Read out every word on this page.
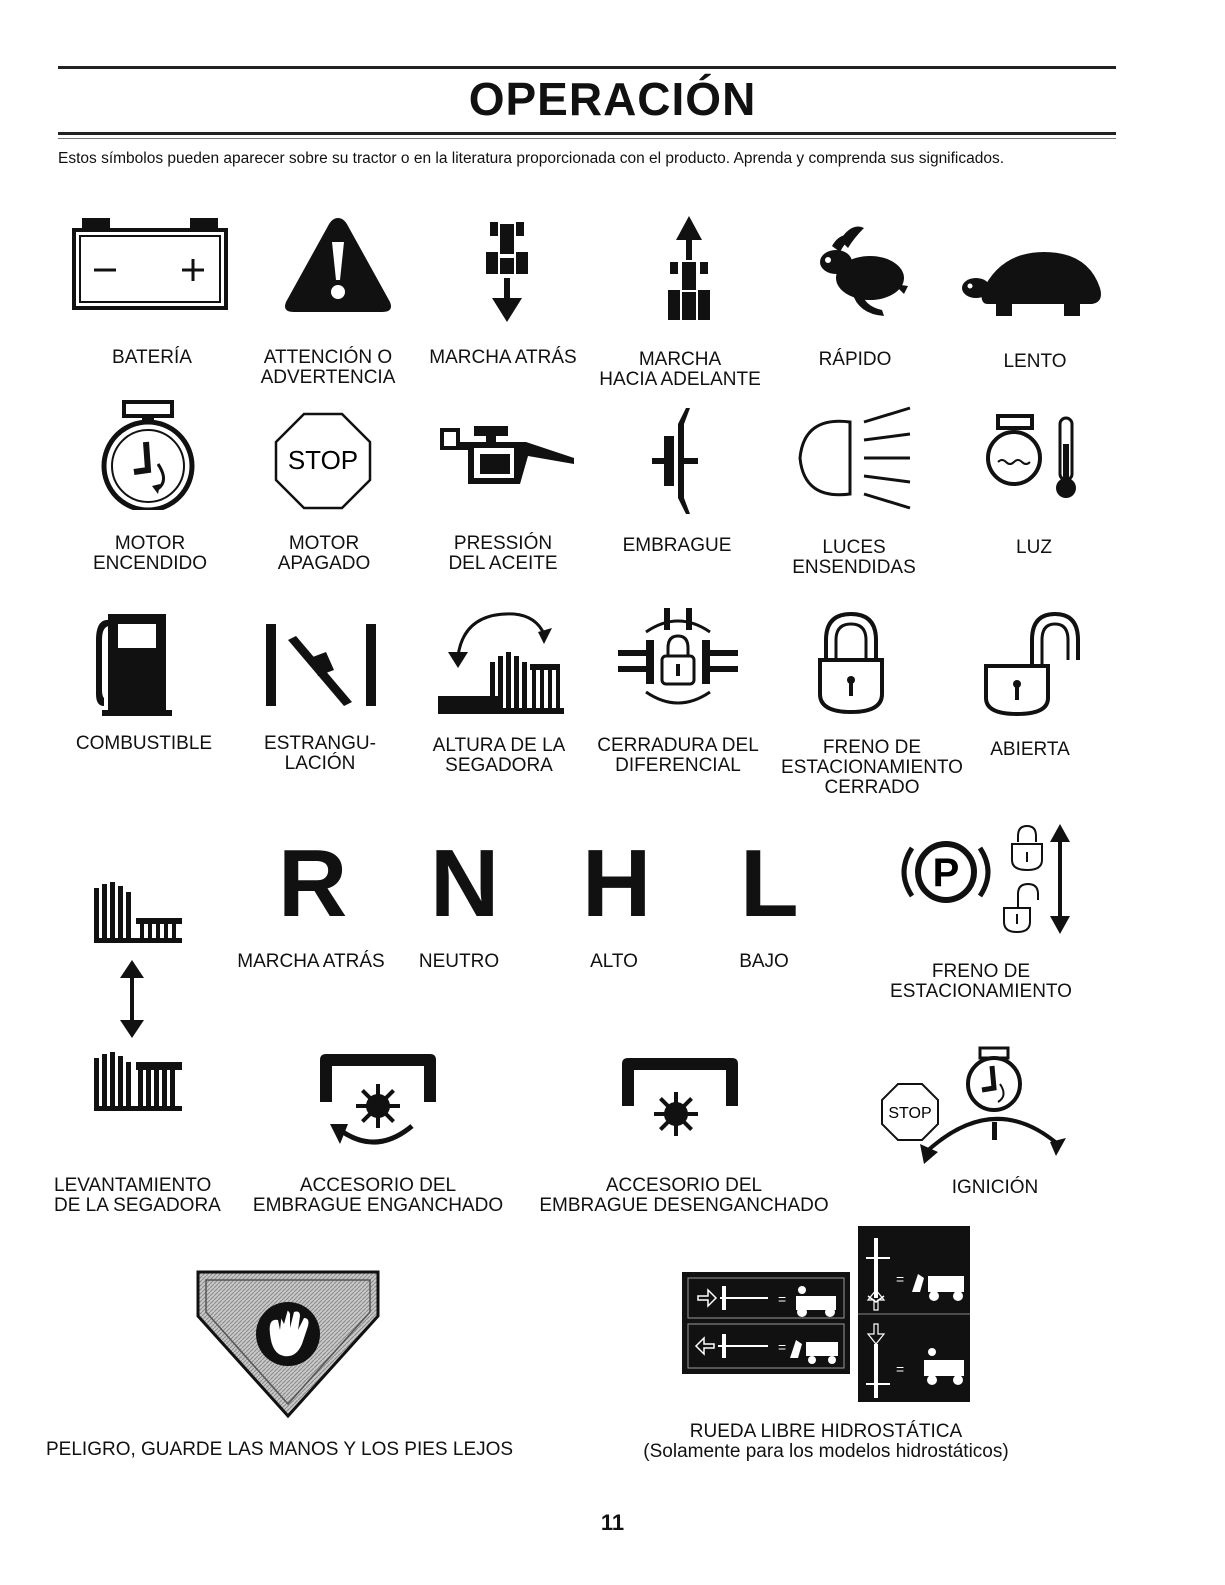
OPERACIÓN
Estos símbolos pueden aparecer sobre su tractor o en la literatura proporcionada con el producto. Aprenda y comprenda sus significados.
BATERÍA	ATTENCIÓN O
ADVERTENCIA
MARCHA ATRÁS	MARCHA
HACIA ADELANTE
RÁPIDO	LENTO
MOTOR
ENCENDIDO
STOP
MOTOR
APAGADO
PRESSIÓN
DEL ACEITE
EMBRAGUE	LUCES
ENSENDIDAS
LUZ
COMBUSTIBLE	ESTRANGU-
LACIÓN
ALTURA DE LA
SEGADORA
CERRADURA DEL
DIFERENCIAL
FRENO DE
ESTACIONAMIENTO
CERRADO
ABIERTA
LEVANTAMIENTO
DE LA SEGADORA
R
MARCHA ATRÁS
N
NEUTRO
H
ALTO
L
BAJO
P
FRENO DE
ESTACIONAMIENTO
ACCESORIO DEL
EMBRAGUE ENGANCHADO
ACCESORIO DEL
EMBRAGUE DESENGANCHADO
STOP
IGNICIÓN
PELIGRO, GUARDE LAS MANOS Y LOS PIES LEJOS
=
=
=
=
RUEDA LIBRE HIDROSTÁTICA
(Solamente para los modelos hidrostáticos)
11
